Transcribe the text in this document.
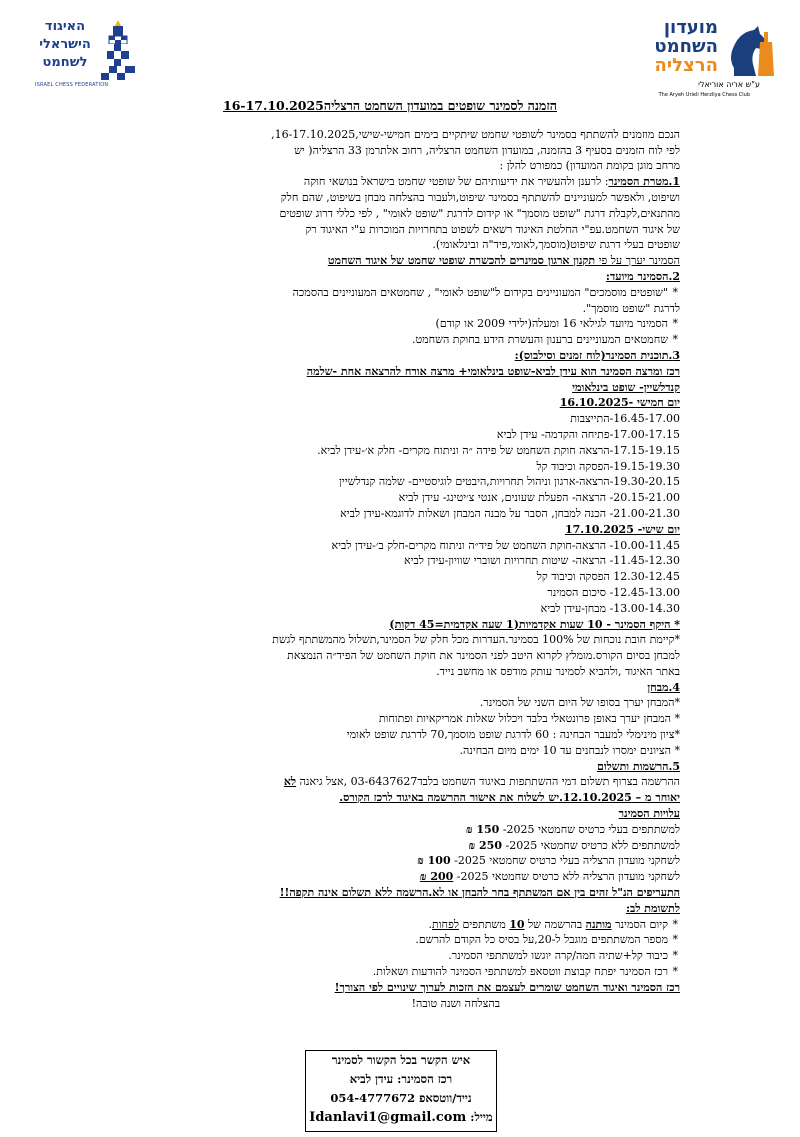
האיגוד
הישראלי
לשחמט
ISRAEL CHESS FEDERATION
מועדון
השחמט
הרצליה
ע"ש אריה אוריאלי
The Aryeh Urieli Herzliya Chess Club
הזמנה לסמינר שופטים במועדון השחמט הרצליה16-17.10.2025

הנכם מוזמנים להשתתף בסמינר לשופטי שחמט שיתקיים בימים חמישי-שישי,16-17.10.2025,

לפי לוח הזמנים בסעיף 3 בהזמנה, במועדון השחמט הרצליה, רחוב אלתרמן 33 הרצליה( יש

מרחב מוגן בקומת המועדון) כמפורט להלן :

1.מטרת הסמינר: לרענן ולהעשיר את ידיעותיהם של שופטי שחמט בישראל בנושאי חוקה

ושיפוט, ולאפשר למעוניינים להשתתף בסמינר שיפוט,ולעבור בהצלחה מבחן בשיפוט, שהם חלק

מהתנאים,לקבלת דרגת "שופט מוסמך" או קידום לדרגת "שופט לאומי" , לפי כללי דרוג שופטים

של איגוד השחמט.עפ"י החלטת האיגוד רשאים לשפוט בתחרויות המוכרות ע"י האיגוד רק

שופטים בעלי דרגת שיפוט(מוסמך,לאומי,פיד"ה ובינלאומי).

הסמינר יערך על פי תקנון ארגון סמינרים להכשרת שופטי שחמט של איגוד השחמט

2.הסמינר מיועד:

* "שופטים מוסמכים" המעוניינים בקידום ל"שופט לאומי" , שחמטאים המעוניינים בהסמכה

לדרגת "שופט מוסמך".

* הסמינר מיועד לגילאי 16 ומעלה(ילידי 2009 או קודם)

* שחמטאים המעוניינים ברענון והעשרת הידע בחוקת השחמט.

3.תוכנית הסמינר(לוח זמנים וסילבוס):

רכז ומרצה הסמינר הוא עידן לביא-שופט בינלאומי+ מרצה אורח להרצאה אחת -שלמה

קנדלשיין- שופט בינלאומי

יום חמישי -16.10.2025

16.45-17.00-התייצבות

17.00-17.15-פתיחה והקדמה- עידן לביא

17.15-19.15-הרצאה חוקת השחמט של פידה ״ה וניתוח מקרים- חלק א׳-עידן לביא.

19.15-19.30-הפסקה וכיבוד קל

19.30-20.15-הרצאה-ארגון וניהול תחרויות,היבטים לוגיסטיים- שלמה קנדלשיין

20.15-21.00- הרצאה- הפעלת שעונים, אנטי צ׳יטינג- עידן לביא

21.00-21.30- הכנה למבחן, הסבר על מבנה המבחן ושאלות לדוגמא-עידן לביא

יום שישי- 17.10.2025

10.00-11.45- הרצאה-חוקת השחמט של פיד״ה וניתוח מקרים-חלק ב׳-עידן לביא

11.45-12.30- הרצאה- שיטות תחרויות ושוברי שוויון-עידן לביא

12.30-12.45 הפסקה וכיבוד קל

12.45-13.00- סיכום הסמינר

13.00-14.30- מבחן-עידן לביא

* היקף הסמינר - 10 שעות אקדמיות(1 שעה אקדמית=45 דקות)

*קיימת חובת נוכחות של 100% בסמינר.העדרות מכל חלק של הסמינר,תשלול מהמשתתף לגשת

למבחן בסיום הקורס.מומלץ לקרוא היטב לפני הסמינר את חוקת השחמט של הפיד״ה הנמצאת

באתר האיגוד ,ולהביא לסמינר עותק מודפס או מחשב נייד.

4.מבחן

*המבחן יערך בסופו של היום השני של הסמינר.

* המבחן יערך באופן פרונטאלי בלבד ויכלול שאלות אמריקאיות ופתוחות

*ציון מינימלי למעבר הבחינה : 60 לדרגת שופט מוסמך,70 לדרגת שופט לאומי

* הציונים ימסרו לנבחנים עד 10 ימים מיום הבחינה.

5.הרשמות ותשלום

ההרשמה בצרוף תשלום דמי ההשתתפות באיגוד השחמט בלבד03-6437627 ,אצל גיאנה לא

יאוחר מ – 12.10.2025.יש לשלוח את אישור ההרשמה באיגוד לרכז הקורס.

עלויות הסמינר

למשתתפים בעלי כרטיס שחמטאי 2025- 150 ₪

למשתתפים ללא כרטיס שחמטאי 2025- 250 ₪

לשחקני מועדון הרצליה בעלי כרטיס שחמטאי 2025- 100 ₪

לשחקני מועדון הרצליה ללא כרטיס שחמטאי 2025- 200 ₪

התעריפים הנ"ל זהים בין אם המשתתף בחר להבחן או לא.הרשמה ללא תשלום אינה תקפה!!

לתשומת לב:

* קיום הסמינר מותנה בהרשמה של 10 משתתפים לפחות.

* מספר המשתתפים מוגבל ל-20,על בסיס כל הקודם להרשם.

* כיבוד קל+שתיה חמה/קרה יוגשו למשתתפי הסמינר.

* רכז הסמינר יפתח קבוצת ווטסאפ למשתתפי הסמינר להודעות ושאלות.

רכז הסמינר ואיגוד השחמט שומרים לעצמם את הזכות לערוך שינויים לפי הצורך!

בהצלחה ושנה טובה!

איש הקשר בכל הקשור לסמינר
רכז הסמינר: עידן לביא
נייד/ווטסאפ 054-4777672
מייל: Idanlavi1@gmail.com
